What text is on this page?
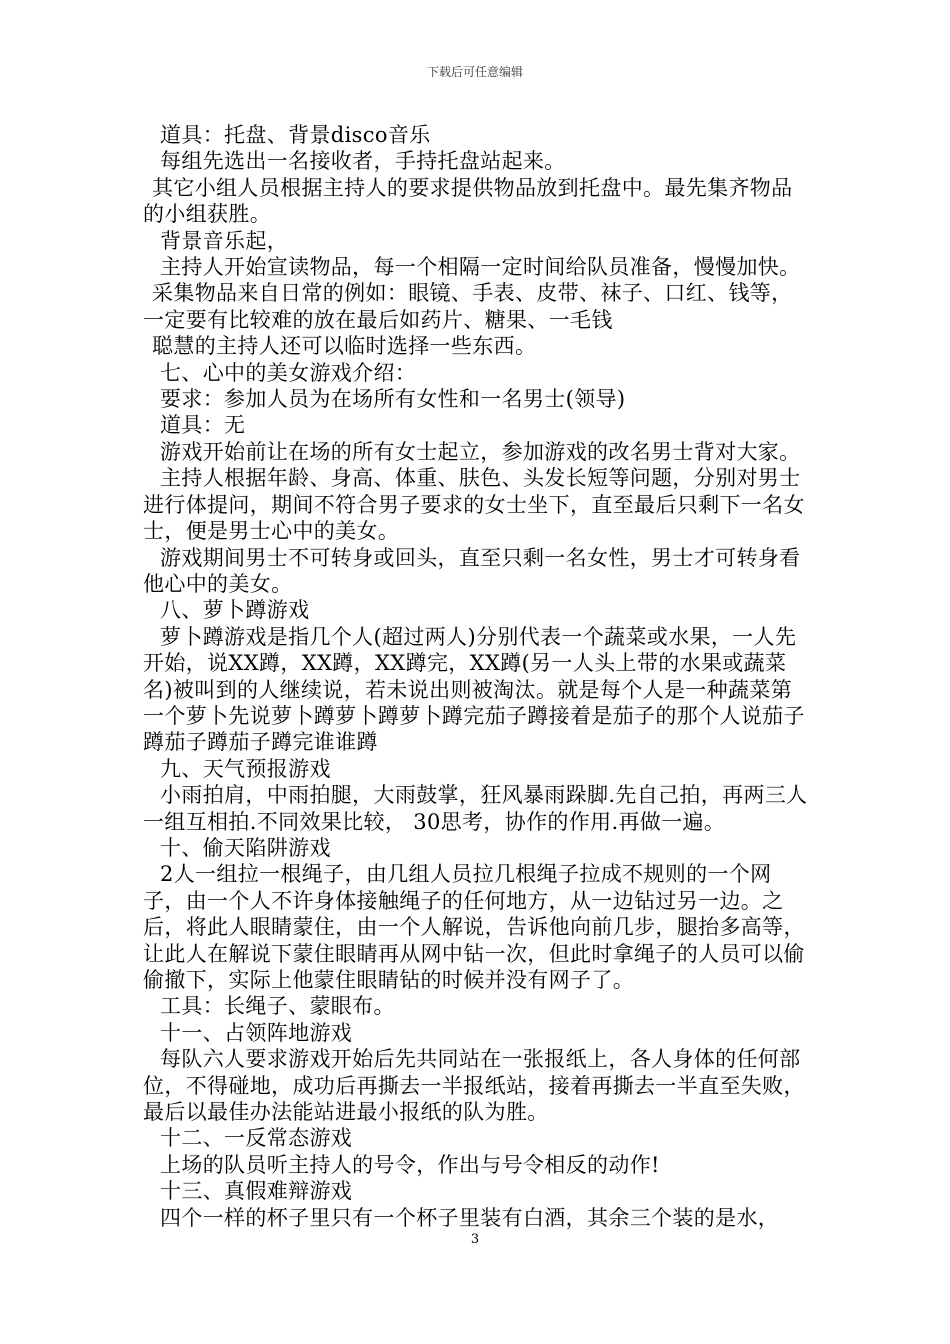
下载后可任意编辑

道具：托盘、背景disco音乐

每组先选出一名接收者，手持托盘站起来。

其它小组人员根据主持人的要求提供物品放到托盘中。最先集齐物品的小组获胜。

背景音乐起，

主持人开始宣读物品，每一个相隔一定时间给队员准备，慢慢加快。

采集物品来自日常的例如：眼镜、手表、皮带、袜子、口红、钱等，一定要有比较难的放在最后如药片、糖果、一毛钱

聪慧的主持人还可以临时选择一些东西。

七、心中的美女游戏介绍：

要求：参加人员为在场所有女性和一名男士(领导)

道具：无

游戏开始前让在场的所有女士起立，参加游戏的改名男士背对大家。

主持人根据年龄、身高、体重、肤色、头发长短等问题，分别对男士进行体提问，期间不符合男子要求的女士坐下，直至最后只剩下一名女士，便是男士心中的美女。

游戏期间男士不可转身或回头，直至只剩一名女性，男士才可转身看他心中的美女。

八、萝卜蹲游戏

萝卜蹲游戏是指几个人(超过两人)分别代表一个蔬菜或水果，一人先开始，说XX蹲，XX蹲，XX蹲完，XX蹲(另一人头上带的水果或蔬菜名)被叫到的人继续说，若未说出则被淘汰。就是每个人是一种蔬菜第一个萝卜先说萝卜蹲萝卜蹲萝卜蹲完茄子蹲接着是茄子的那个人说茄子蹲茄子蹲茄子蹲完谁谁蹲

九、天气预报游戏

小雨拍肩，中雨拍腿，大雨鼓掌，狂风暴雨跺脚.先自己拍，再两三人一组互相拍.不同效果比较， 30思考，协作的作用.再做一遍。

十、偷天陷阱游戏

2人一组拉一根绳子，由几组人员拉几根绳子拉成不规则的一个网子，由一个人不许身体接触绳子的任何地方，从一边钻过另一边。之后，将此人眼睛蒙住，由一个人解说，告诉他向前几步，腿抬多高等，让此人在解说下蒙住眼睛再从网中钻一次，但此时拿绳子的人员可以偷偷撤下，实际上他蒙住眼睛钻的时候并没有网子了。

工具：长绳子、蒙眼布。

十一、占领阵地游戏

每队六人要求游戏开始后先共同站在一张报纸上，各人身体的任何部位，不得碰地，成功后再撕去一半报纸站，接着再撕去一半直至失败，最后以最佳办法能站进最小报纸的队为胜。

十二、一反常态游戏

上场的队员听主持人的号令，作出与号令相反的动作!

十三、真假难辩游戏

四个一样的杯子里只有一个杯子里装有白酒，其余三个装的是水，

3
